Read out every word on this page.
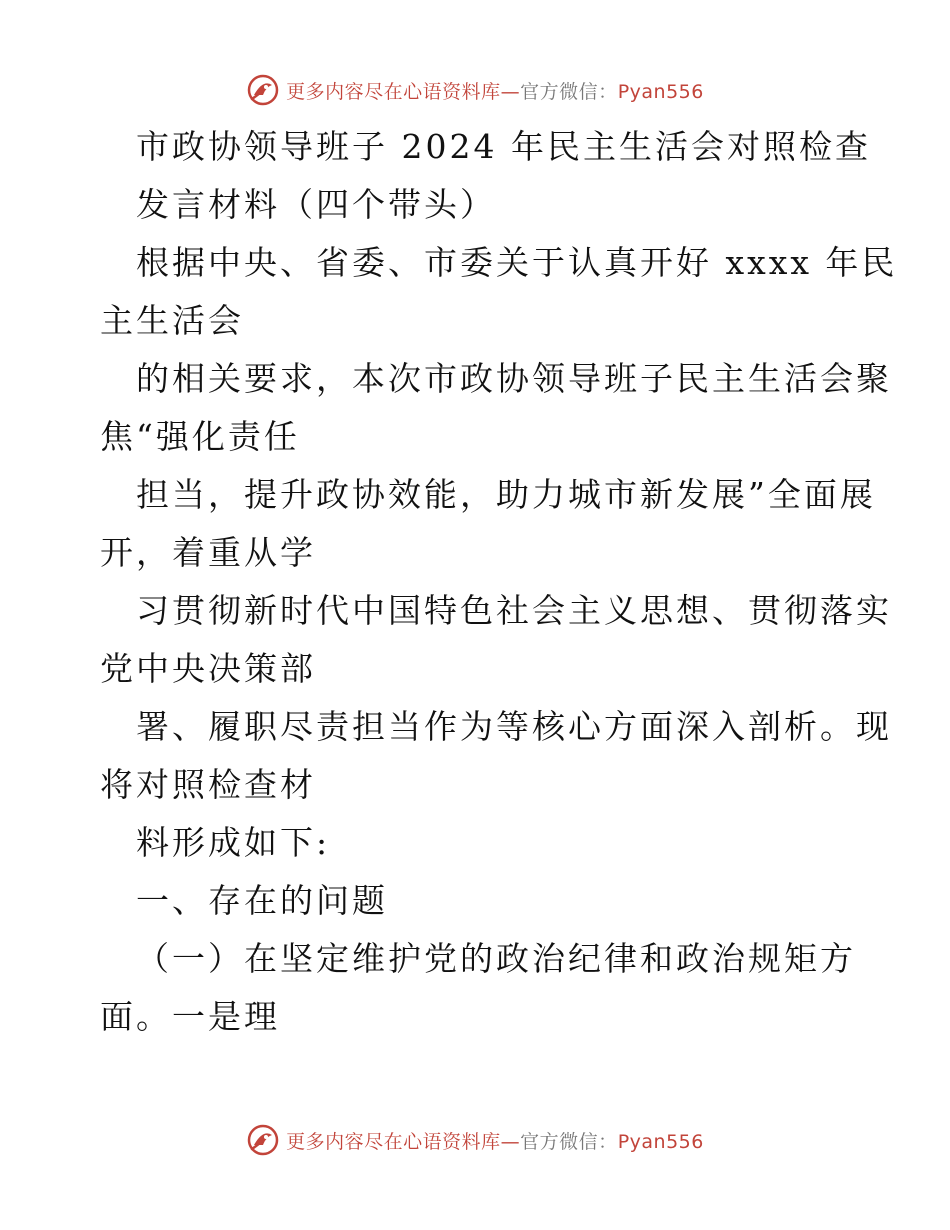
更多内容尽在心语资料库—官方微信：Pyan556
市政协领导班子 2024 年民主生活会对照检查
发言材料（四个带头）
根据中央、省委、市委关于认真开好 xxxx 年民
主生活会
的相关要求，本次市政协领导班子民主生活会聚
焦“强化责任
担当，提升政协效能，助力城市新发展”全面展
开，着重从学
习贯彻新时代中国特色社会主义思想、贯彻落实
党中央决策部
署、履职尽责担当作为等核心方面深入剖析。现
将对照检查材
料形成如下:
一、存在的问题
（一）在坚定维护党的政治纪律和政治规矩方
面。一是理
更多内容尽在心语资料库—官方微信：Pyan556
